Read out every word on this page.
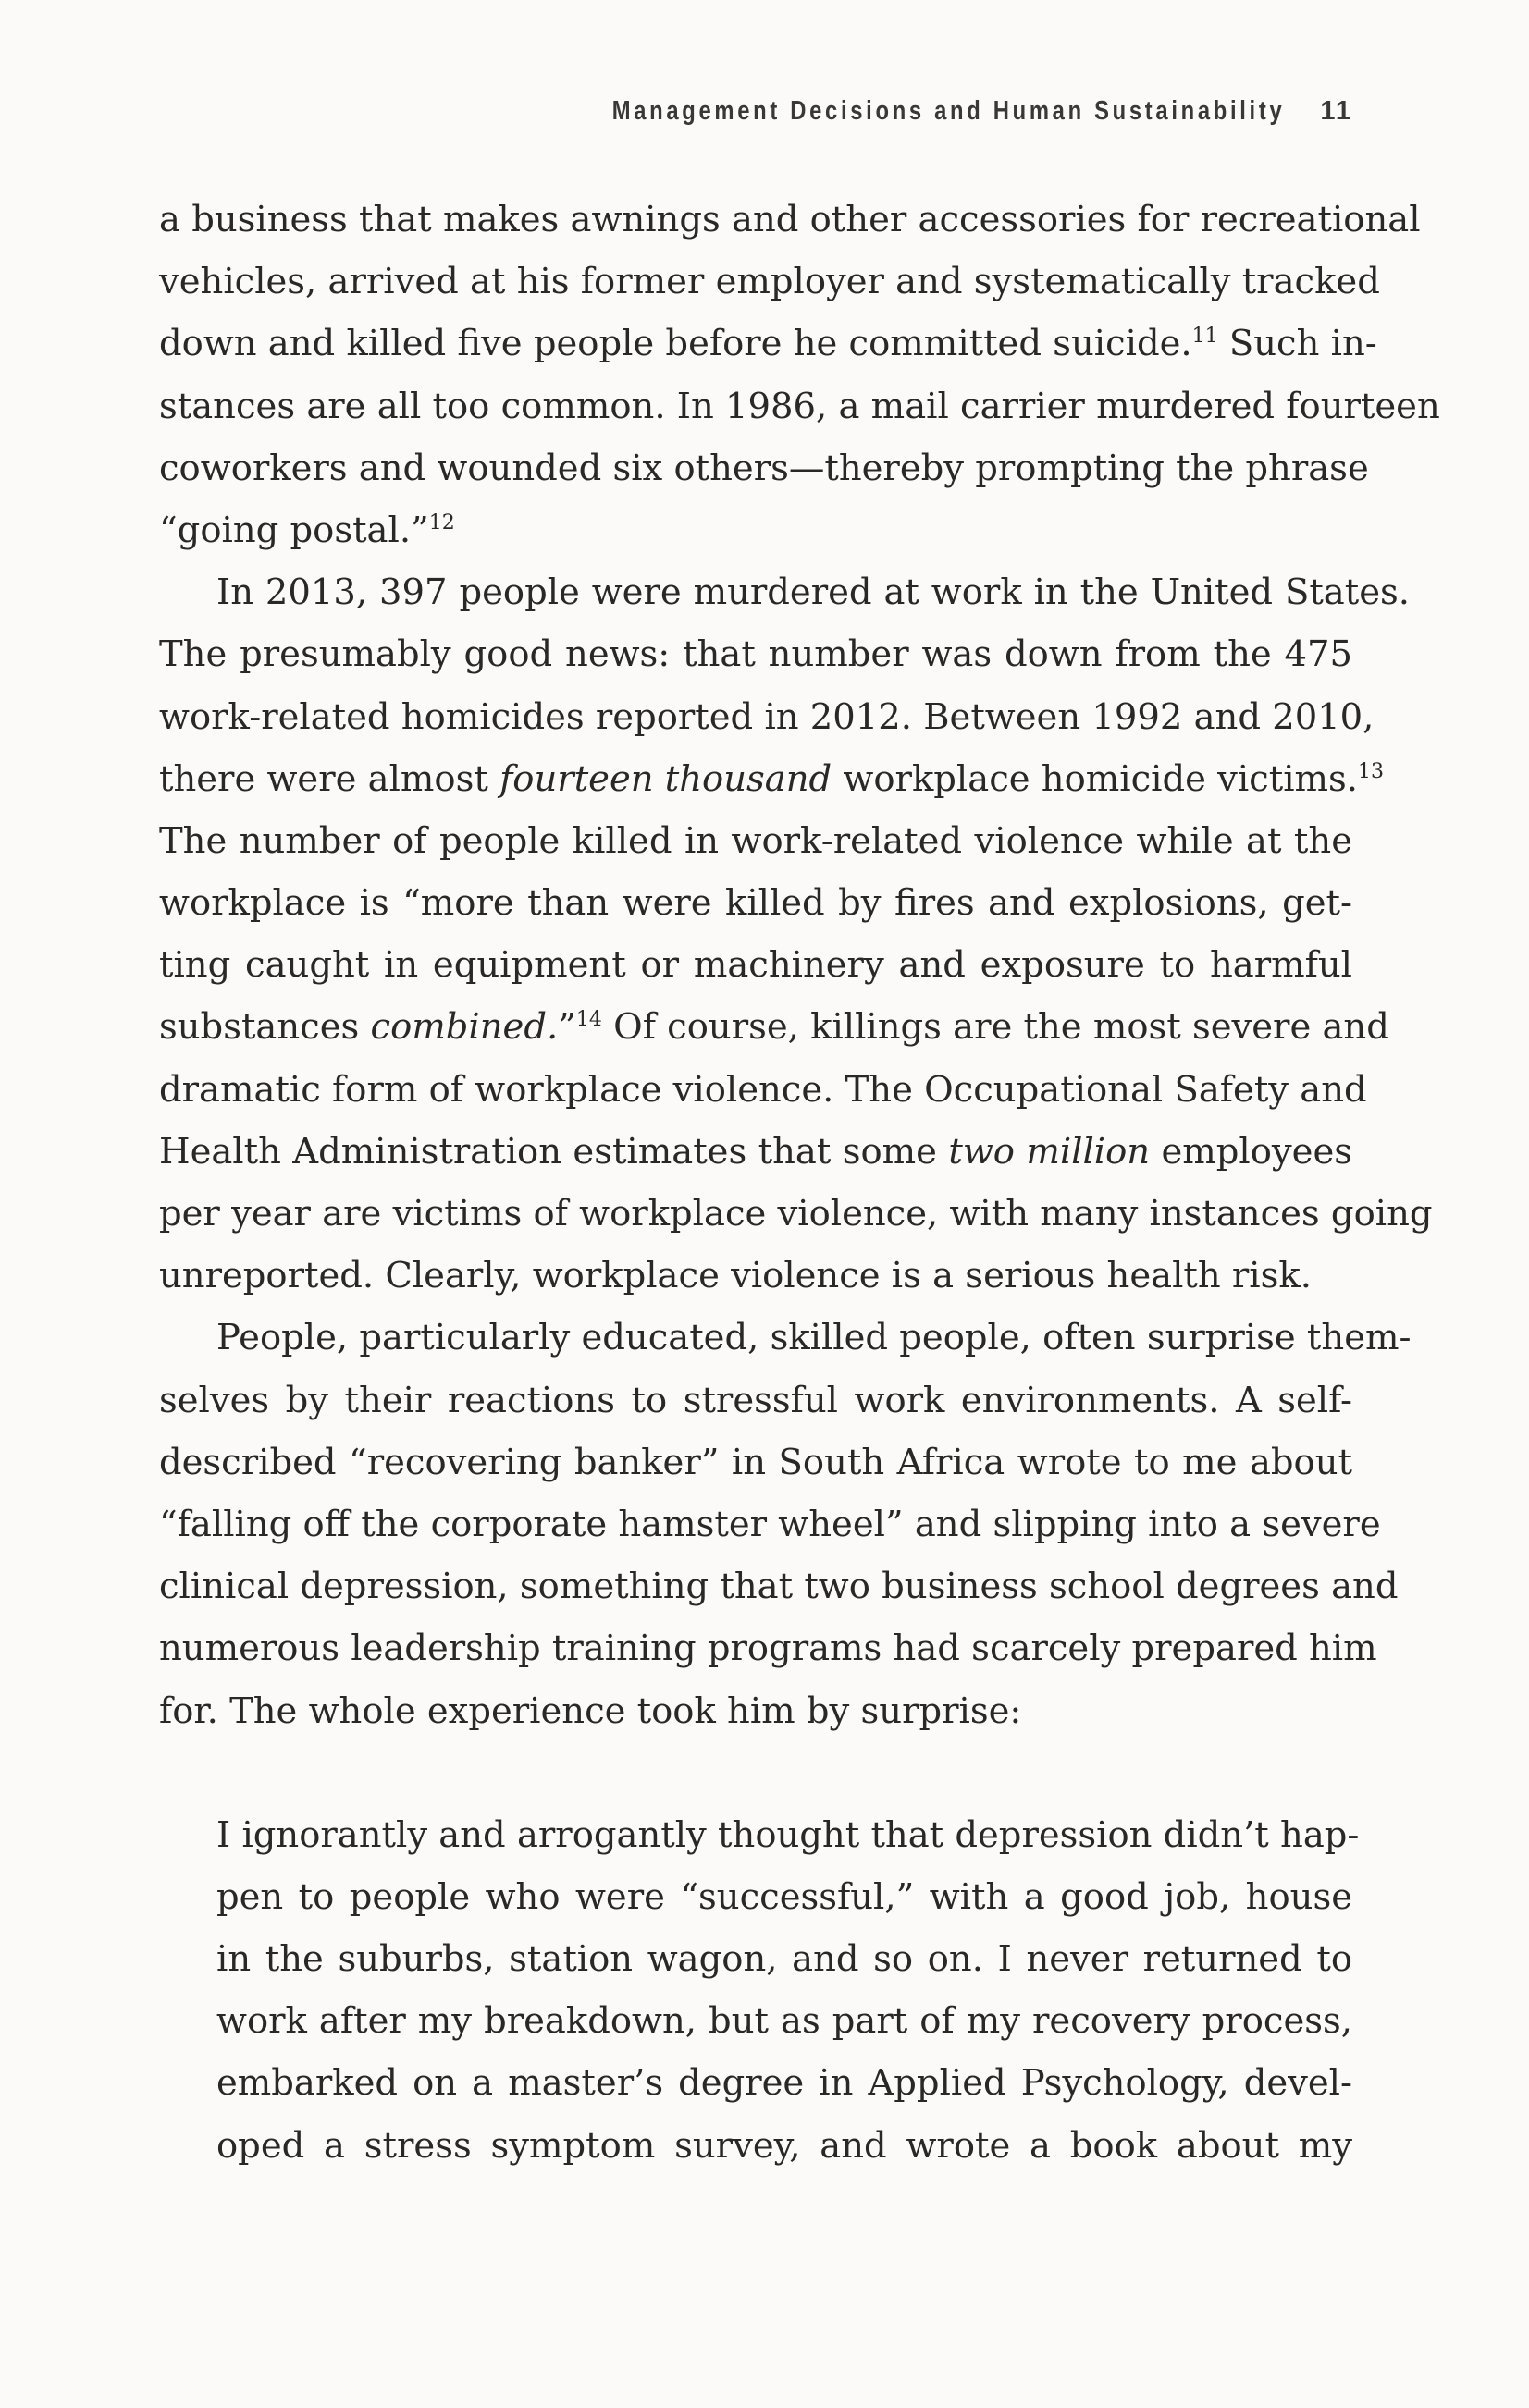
Management Decisions and Human Sustainability 11
a business that makes awnings and other accessories for recreational
vehicles, arrived at his former employer and systematically tracked
down and killed five people before he committed suicide.$^{11}$ Such in-
stances are all too common. In 1986, a mail carrier murdered fourteen
coworkers and wounded six others—thereby prompting the phrase
“going postal.”$^{12}$
In 2013, 397 people were murdered at work in the United States.
The presumably good news: that number was down from the 475
work-related homicides reported in 2012. Between 1992 and 2010,
there were almost fourteen thousand workplace homicide victims.$^{13}$
The number of people killed in work-related violence while at the
workplace is “more than were killed by fires and explosions, get-
ting caught in equipment or machinery and exposure to harmful
substances combined.”$^{14}$ Of course, killings are the most severe and
dramatic form of workplace violence. The Occupational Safety and
Health Administration estimates that some two million employees
per year are victims of workplace violence, with many instances going
unreported. Clearly, workplace violence is a serious health risk.
People, particularly educated, skilled people, often surprise them-
selves by their reactions to stressful work environments. A self-
described “recovering banker” in South Africa wrote to me about
“falling off the corporate hamster wheel” and slipping into a severe
clinical depression, something that two business school degrees and
numerous leadership training programs had scarcely prepared him
for. The whole experience took him by surprise:
I ignorantly and arrogantly thought that depression didn’t hap-
pen to people who were “successful,” with a good job, house
in the suburbs, station wagon, and so on. I never returned to
work after my breakdown, but as part of my recovery process,
embarked on a master’s degree in Applied Psychology, devel-
oped a stress symptom survey, and wrote a book about my
